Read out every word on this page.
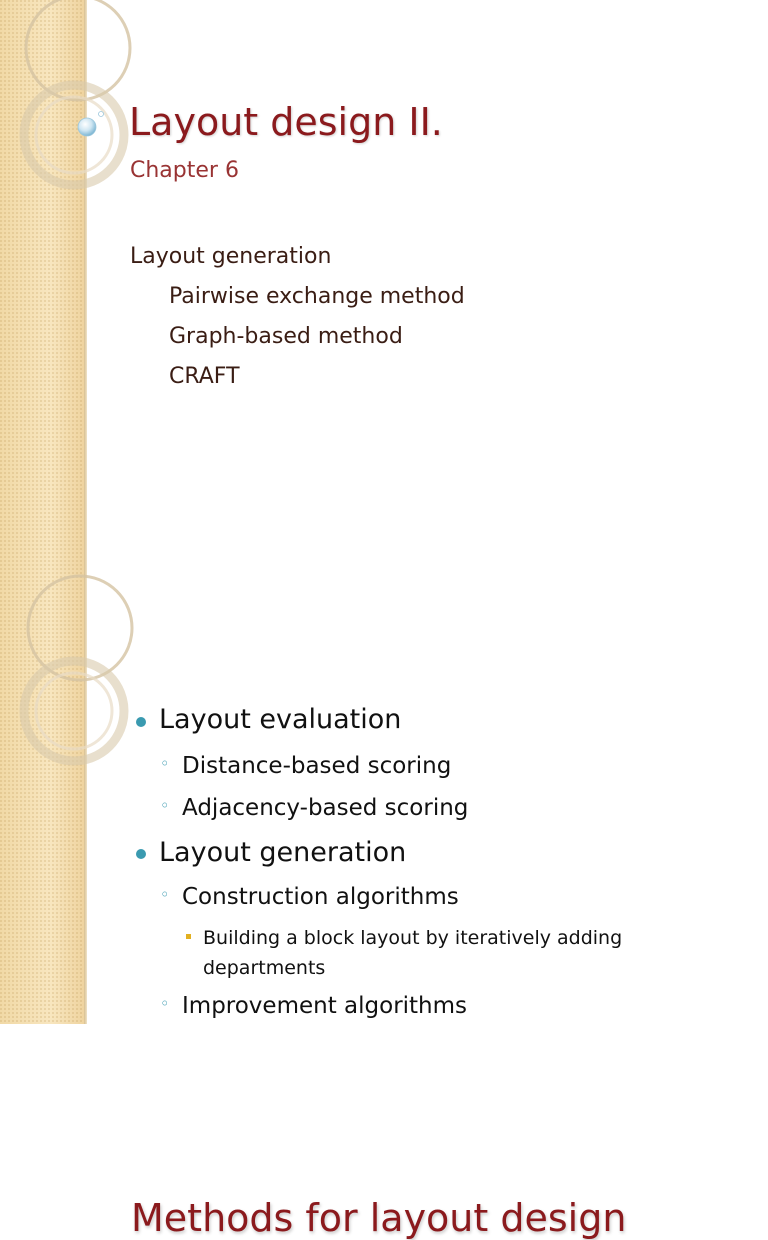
Layout design II.
Chapter 6
Layout generation
Pairwise exchange method
Graph-based method
CRAFT
Methods for layout design
Layout evaluation
◦ Distance-based scoring
◦ Adjacency-based scoring
Layout generation
◦ Construction algorithms
Building a block layout by iteratively adding departments
◦ Improvement algorithms
